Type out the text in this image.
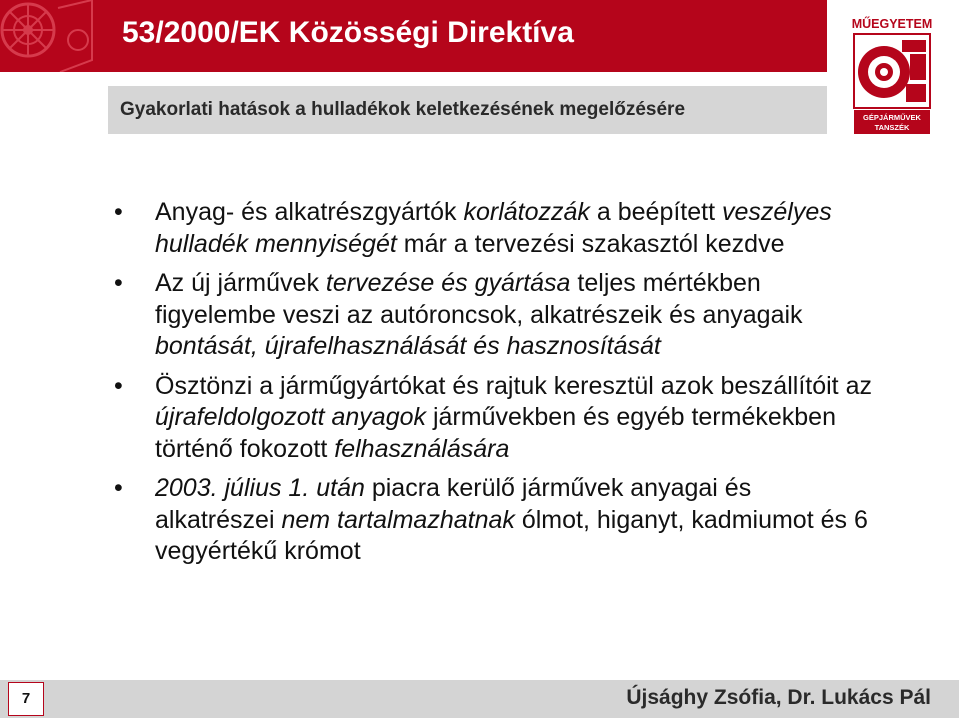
53/2000/EK Közösségi Direktíva
Gyakorlati hatások a hulladékok keletkezésének megelőzésére
MŰEGYETEM
GÉPJÁRMŰVEK
TANSZÉK
• Anyag- és alkatrészgyártók korlátozzák a beépített veszélyes hulladék mennyiségét már a tervezési szakasztól kezdve
• Az új járművek tervezése és gyártása teljes mértékben figyelembe veszi az autóroncsok, alkatrészeik és anyagaik bontását, újrafelhasználását és hasznosítását
• Ösztönzi a járműgyártókat és rajtuk keresztül azok beszállítóit az újrafeldolgozott anyagok járművekben és egyéb termékekben történő fokozott felhasználására
• 2003. július 1. után piacra kerülő járművek anyagai és alkatrészei nem tartalmazhatnak ólmot, higanyt, kadmiumot és 6 vegyértékű krómot
7	Újsághy Zsófia, Dr. Lukács Pál
